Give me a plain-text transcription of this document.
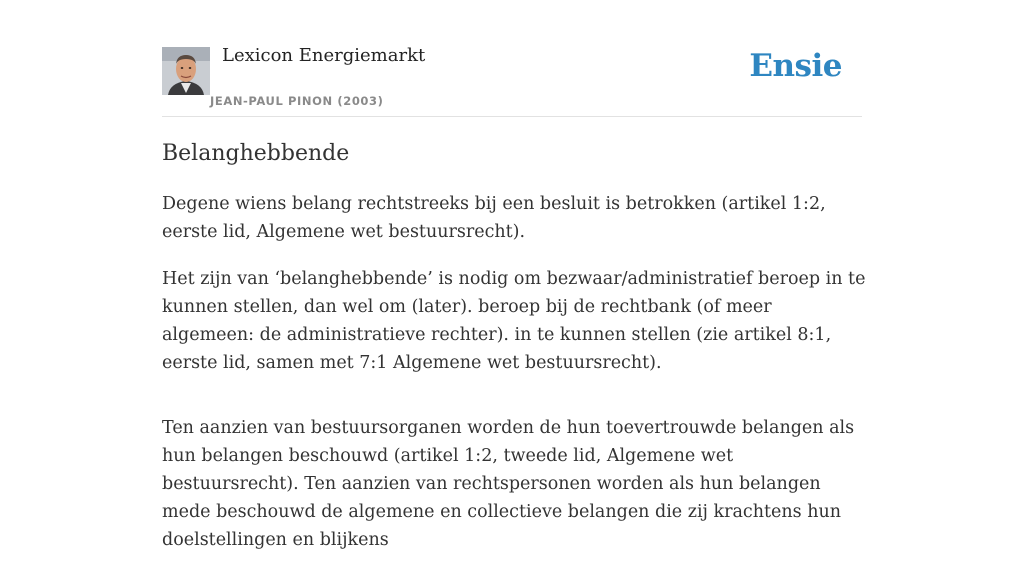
Lexicon Energiemarkt
JEAN-PAUL PINON (2003)
Ensie
Belanghebbende

Degene wiens belang rechtstreeks bij een besluit is betrokken (artikel 1:2, eerste lid, Algemene wet bestuursrecht).

Het zijn van ‘belanghebbende’ is nodig om bezwaar/administratief beroep in te kunnen stellen, dan wel om (later). beroep bij de rechtbank (of meer algemeen: de administratieve rechter). in te kunnen stellen (zie artikel 8:1, eerste lid, samen met 7:1 Algemene wet bestuursrecht).

Ten aanzien van bestuursorganen worden de hun toevertrouwde belangen als hun belangen beschouwd (artikel 1:2, tweede lid, Algemene wet bestuursrecht). Ten aanzien van rechtspersonen worden als hun belangen mede beschouwd de algemene en collectieve belangen die zij krachtens hun doelstellingen en blijkens
